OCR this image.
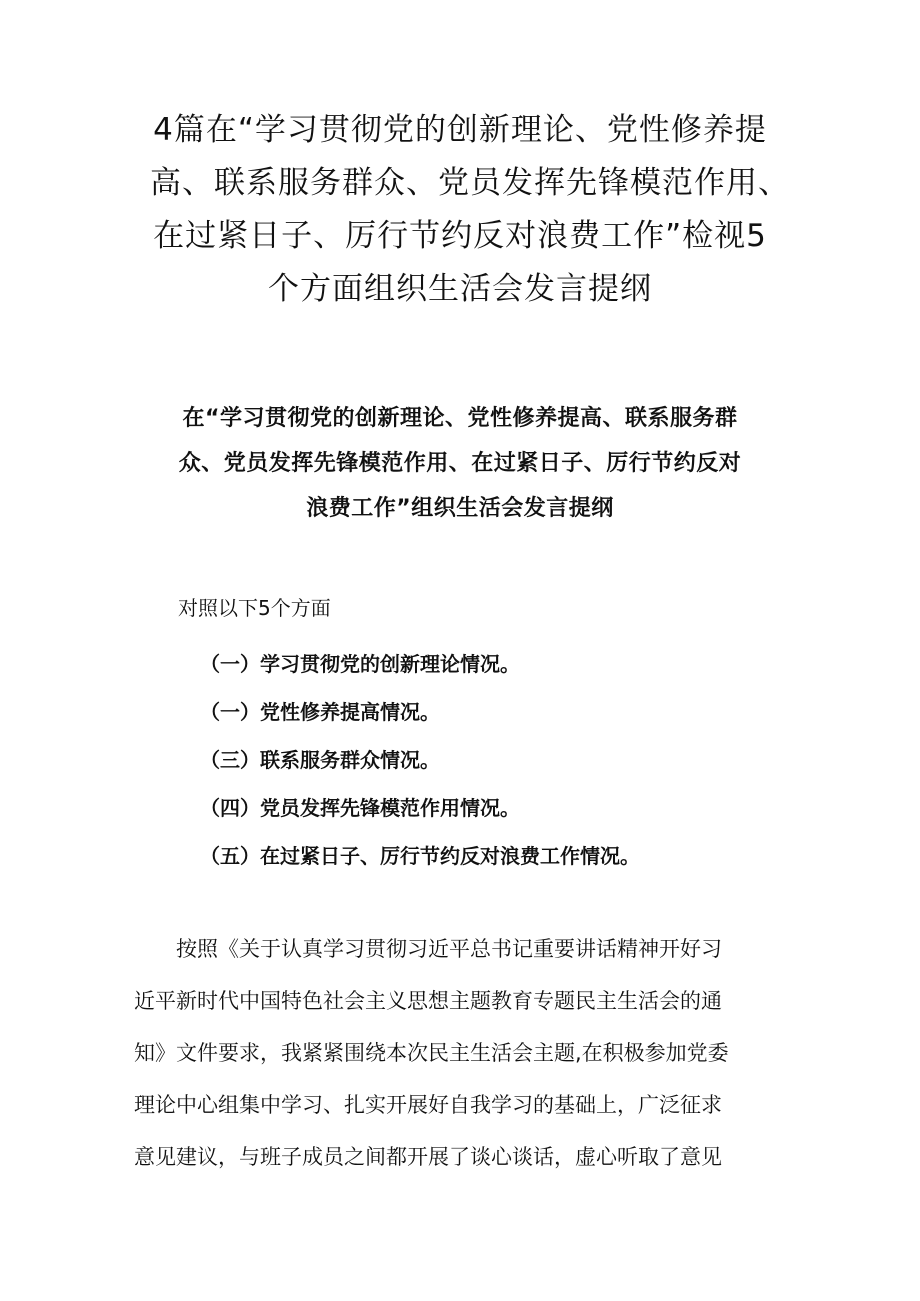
4篇在“学习贯彻党的创新理论、党性修养提
高、联系服务群众、党员发挥先锋模范作用、
在过紧日子、厉行节约反对浪费工作”检视5
个方面组织生活会发言提纲
在“学习贯彻党的创新理论、党性修养提高、联系服务群
众、党员发挥先锋模范作用、在过紧日子、厉行节约反对
浪费工作”组织生活会发言提纲
对照以下5个方面
（一）学习贯彻党的创新理论情况。
（一）党性修养提高情况。
（三）联系服务群众情况。
（四）党员发挥先锋模范作用情况。
（五）在过紧日子、厉行节约反对浪费工作情况。

按照《关于认真学习贯彻习近平总书记重要讲话精神开好习
近平新时代中国特色社会主义思想主题教育专题民主生活会的通
知》文件要求，我紧紧围绕本次民主生活会主题,在积极参加党委
理论中心组集中学习、扎实开展好自我学习的基础上，广泛征求
意见建议，与班子成员之间都开展了谈心谈话，虚心听取了意见
